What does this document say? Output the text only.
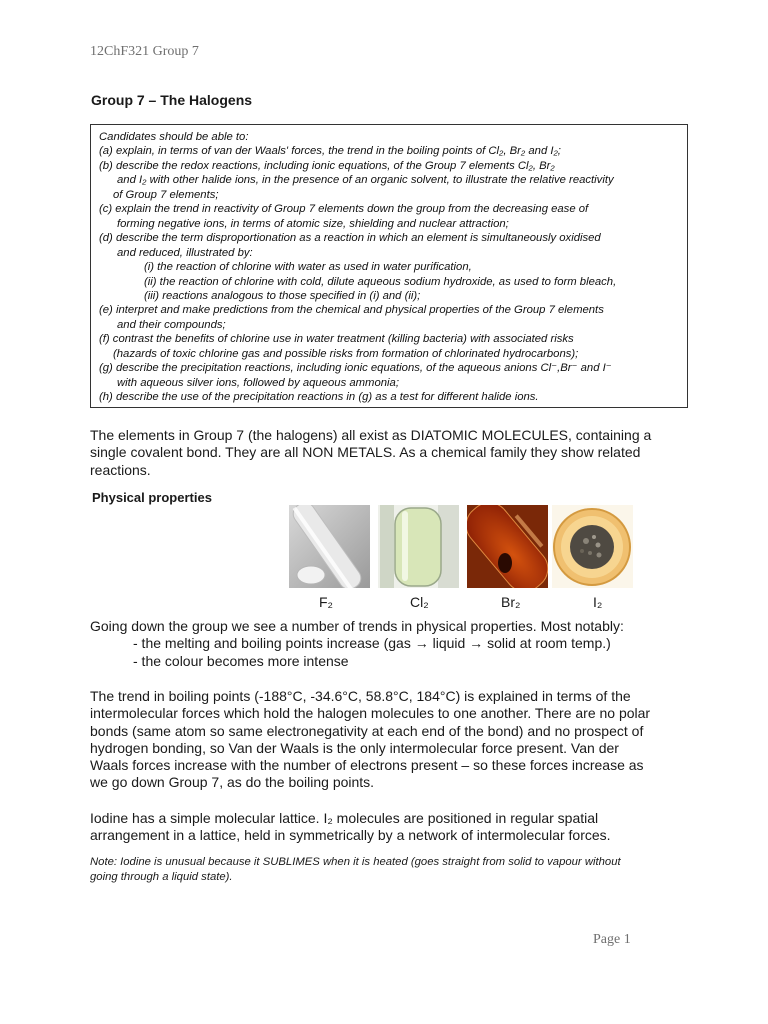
12ChF321 Group 7
Group 7 – The Halogens
Candidates should be able to:
(a) explain, in terms of van der Waals' forces, the trend in the boiling points of Cl₂, Br₂ and I₂;
(b) describe the redox reactions, including ionic equations, of the Group 7 elements Cl₂, Br₂
and I₂ with other halide ions, in the presence of an organic solvent, to illustrate the relative reactivity
of Group 7 elements;
(c) explain the trend in reactivity of Group 7 elements down the group from the decreasing ease of
forming negative ions, in terms of atomic size, shielding and nuclear attraction;
(d) describe the term disproportionation as a reaction in which an element is simultaneously oxidised
and reduced, illustrated by:
(i) the reaction of chlorine with water as used in water purification,
(ii) the reaction of chlorine with cold, dilute aqueous sodium hydroxide, as used to form bleach,
(iii) reactions analogous to those specified in (i) and (ii);
(e) interpret and make predictions from the chemical and physical properties of the Group 7 elements
and their compounds;
(f) contrast the benefits of chlorine use in water treatment (killing bacteria) with associated risks
(hazards of toxic chlorine gas and possible risks from formation of chlorinated hydrocarbons);
(g) describe the precipitation reactions, including ionic equations, of the aqueous anions Cl⁻,Br⁻ and I⁻
with aqueous silver ions, followed by aqueous ammonia;
(h) describe the use of the precipitation reactions in (g) as a test for different halide ions.
The elements in Group 7 (the halogens) all exist as DIATOMIC MOLECULES, containing a
single covalent bond. They are all NON METALS. As a chemical family they show related
reactions.
Physical properties
F₂	Cl₂	Br₂	I₂
Going down the group we see a number of trends in physical properties. Most notably:
- the melting and boiling points increase (gas → liquid → solid at room temp.)
- the colour becomes more intense
The trend in boiling points (-188°C, -34.6°C, 58.8°C, 184°C) is explained in terms of the
intermolecular forces which hold the halogen molecules to one another. There are no polar
bonds (same atom so same electronegativity at each end of the bond) and no prospect of
hydrogen bonding, so Van der Waals is the only intermolecular force present. Van der
Waals forces increase with the number of electrons present – so these forces increase as
we go down Group 7, as do the boiling points.
Iodine has a simple molecular lattice. I₂ molecules are positioned in regular spatial
arrangement in a lattice, held in symmetrically by a network of intermolecular forces.
Note: Iodine is unusual because it SUBLIMES when it is heated (goes straight from solid to vapour without
going through a liquid state).
Page 1
